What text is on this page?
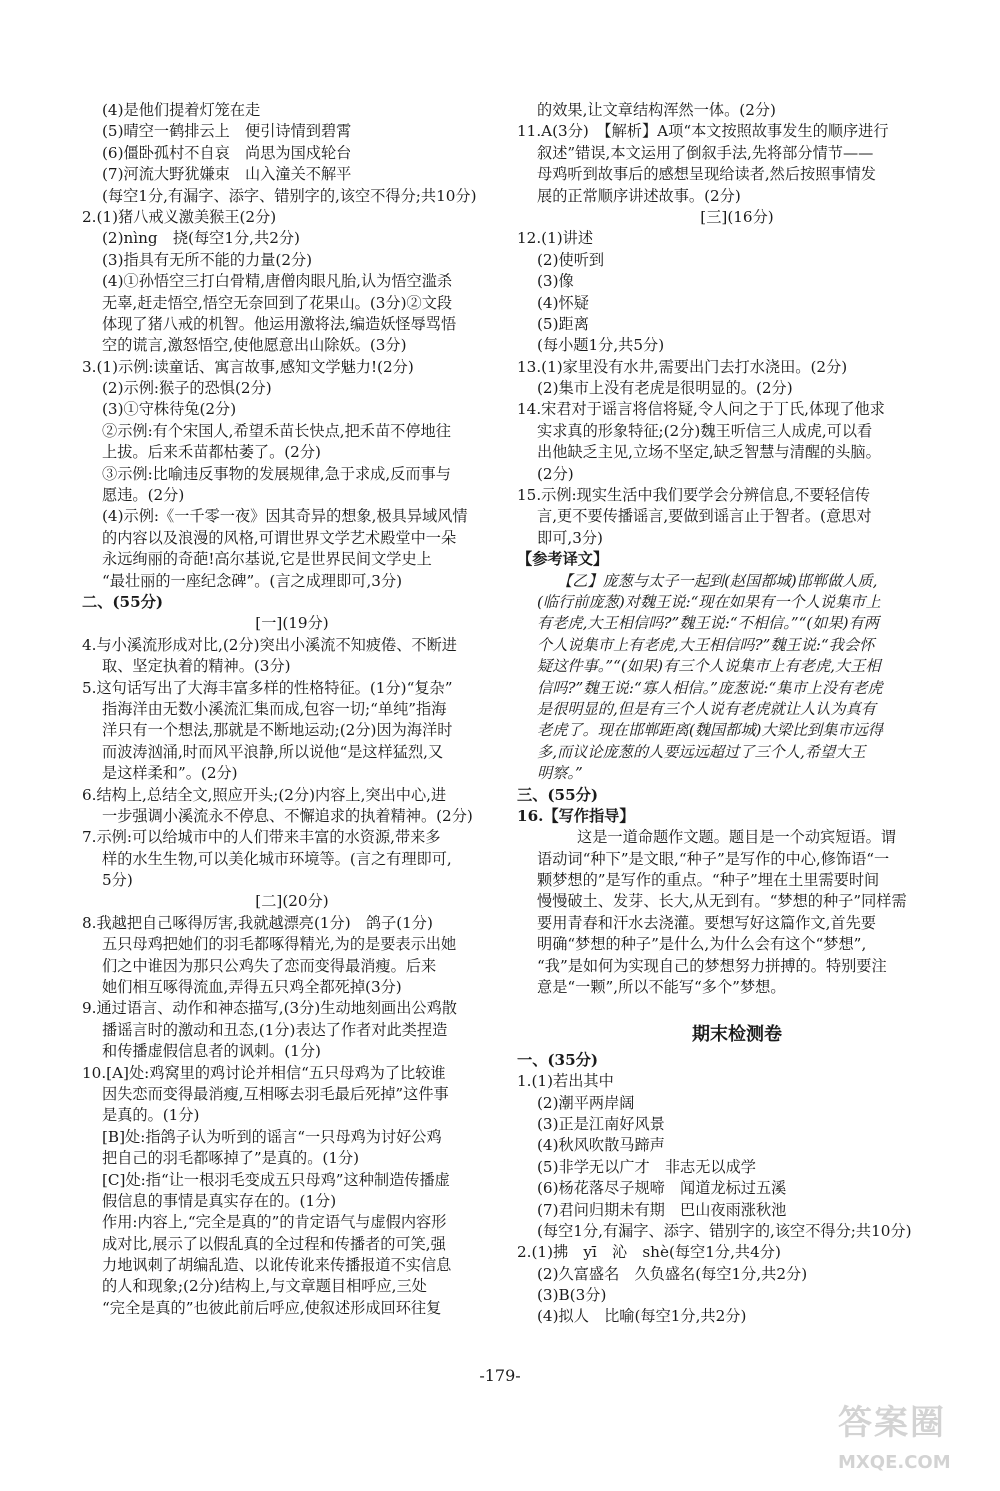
(4)是他们提着灯笼在走
(5)晴空一鹤排云上　便引诗情到碧霄
(6)僵卧孤村不自哀　尚思为国戍轮台
(7)河流大野犹嫌束　山入潼关不解平
(每空1分,有漏字、添字、错别字的,该空不得分;共10分)
2.(1)猪八戒义激美猴王(2分)
(2)nìng　挠(每空1分,共2分)
(3)指具有无所不能的力量(2分)
(4)①孙悟空三打白骨精,唐僧肉眼凡胎,认为悟空滥杀
无辜,赶走悟空,悟空无奈回到了花果山。(3分)②文段
体现了猪八戒的机智。他运用激将法,编造妖怪辱骂悟
空的谎言,激怒悟空,使他愿意出山除妖。(3分)
3.(1)示例:读童话、寓言故事,感知文学魅力!(2分)
(2)示例:猴子的恐惧(2分)
(3)①守株待兔(2分)
②示例:有个宋国人,希望禾苗长快点,把禾苗不停地往
上拔。后来禾苗都枯萎了。(2分)
③示例:比喻违反事物的发展规律,急于求成,反而事与
愿违。(2分)
(4)示例:《一千零一夜》因其奇异的想象,极具异域风情
的内容以及浪漫的风格,可谓世界文学艺术殿堂中一朵
永远绚丽的奇葩!高尔基说,它是世界民间文学史上
“最壮丽的一座纪念碑”。(言之成理即可,3分)
二、(55分)
[一](19分)
4.与小溪流形成对比,(2分)突出小溪流不知疲倦、不断进
取、坚定执着的精神。(3分)
5.这句话写出了大海丰富多样的性格特征。(1分)“复杂”
指海洋由无数小溪流汇集而成,包容一切;“单纯”指海
洋只有一个想法,那就是不断地运动;(2分)因为海洋时
而波涛汹涌,时而风平浪静,所以说他“是这样猛烈,又
是这样柔和”。(2分)
6.结构上,总结全文,照应开头;(2分)内容上,突出中心,进
一步强调小溪流永不停息、不懈追求的执着精神。(2分)
7.示例:可以给城市中的人们带来丰富的水资源,带来多
样的水生生物,可以美化城市环境等。(言之有理即可,
5分)
[二](20分)
8.我越把自己啄得厉害,我就越漂亮(1分)　鸽子(1分)
五只母鸡把她们的羽毛都啄得精光,为的是要表示出她
们之中谁因为那只公鸡失了恋而变得最消瘦。后来
她们相互啄得流血,弄得五只鸡全都死掉(3分)
9.通过语言、动作和神态描写,(3分)生动地刻画出公鸡散
播谣言时的激动和丑态,(1分)表达了作者对此类捏造
和传播虚假信息者的讽刺。(1分)
10.[A]处:鸡窝里的鸡讨论并相信“五只母鸡为了比较谁
因失恋而变得最消瘦,互相啄去羽毛最后死掉”这件事
是真的。(1分)
[B]处:指鸽子认为听到的谣言“一只母鸡为讨好公鸡
把自己的羽毛都啄掉了”是真的。(1分)
[C]处:指“让一根羽毛变成五只母鸡”这种制造传播虚
假信息的事情是真实存在的。(1分)
作用:内容上,“完全是真的”的肯定语气与虚假内容形
成对比,展示了以假乱真的全过程和传播者的可笑,强
力地讽刺了胡编乱造、以讹传讹来传播报道不实信息
的人和现象;(2分)结构上,与文章题目相呼应,三处
“完全是真的”也彼此前后呼应,使叙述形成回环往复
的效果,让文章结构浑然一体。(2分)
11.A(3分)　【解析】A项“本文按照故事发生的顺序进行
叙述”错误,本文运用了倒叙手法,先将部分情节——
母鸡听到故事后的感想呈现给读者,然后按照事情发
展的正常顺序讲述故事。(2分)
[三](16分)
12.(1)讲述
(2)使听到
(3)像
(4)怀疑
(5)距离
(每小题1分,共5分)
13.(1)家里没有水井,需要出门去打水浇田。(2分)
(2)集市上没有老虎是很明显的。(2分)
14.宋君对于谣言将信将疑,令人问之于丁氏,体现了他求
实求真的形象特征;(2分)魏王听信三人成虎,可以看
出他缺乏主见,立场不坚定,缺乏智慧与清醒的头脑。
(2分)
15.示例:现实生活中我们要学会分辨信息,不要轻信传
言,更不要传播谣言,要做到谣言止于智者。(意思对
即可,3分)
【参考译文】
【乙】庞葱与太子一起到(赵国都城)邯郸做人质,
(临行前庞葱)对魏王说:“现在如果有一个人说集市上
有老虎,大王相信吗?”魏王说:“不相信。”“(如果)有两
个人说集市上有老虎,大王相信吗?”魏王说:“我会怀
疑这件事。”“(如果)有三个人说集市上有老虎,大王相
信吗?”魏王说:“寡人相信。”庞葱说:“集市上没有老虎
是很明显的,但是有三个人说有老虎就让人认为真有
老虎了。现在邯郸距离(魏国都城)大梁比到集市远得
多,而议论庞葱的人要远远超过了三个人,希望大王
明察。”
三、(55分)
16.【写作指导】
这是一道命题作文题。题目是一个动宾短语。谓
语动词“种下”是文眼,“种子”是写作的中心,修饰语“一
颗梦想的”是写作的重点。“种子”埋在土里需要时间
慢慢破土、发芽、长大,从无到有。“梦想的种子”同样需
要用青春和汗水去浇灌。要想写好这篇作文,首先要
明确“梦想的种子”是什么,为什么会有这个“梦想”,
“我”是如何为实现自己的梦想努力拼搏的。特别要注
意是“一颗”,所以不能写“多个”梦想。
期末检测卷
一、(35分)
1.(1)若出其中
(2)潮平两岸阔
(3)正是江南好风景
(4)秋风吹散马蹄声
(5)非学无以广才　非志无以成学
(6)杨花落尽子规啼　闻道龙标过五溪
(7)君问归期未有期　巴山夜雨涨秋池
(每空1分,有漏字、添字、错别字的,该空不得分;共10分)
2.(1)拂　yī　沁　shè(每空1分,共4分)
(2)久富盛名　久负盛名(每空1分,共2分)
(3)B(3分)
(4)拟人　比喻(每空1分,共2分)
-179-
答案圈
MXQE.COM
